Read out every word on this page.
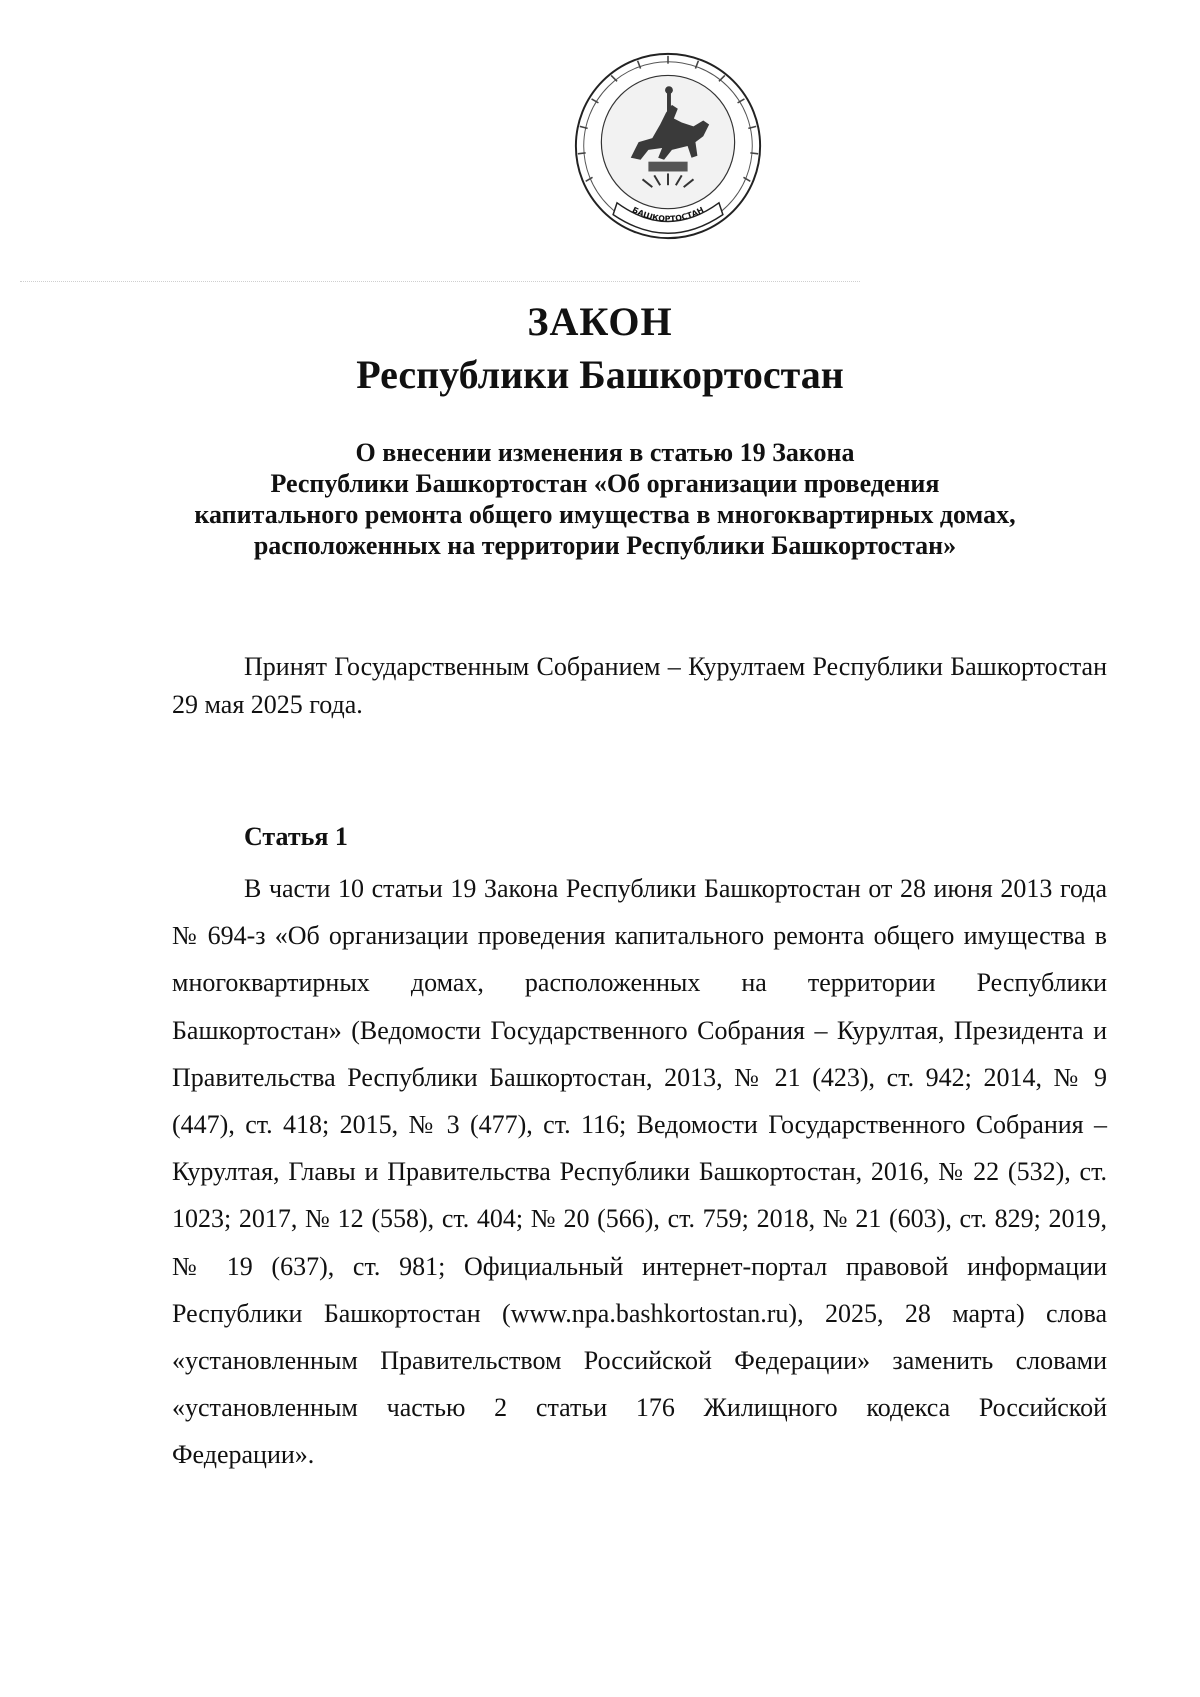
БАШКОРТОСТАН
ЗАКОН
Республики Башкортостан
О внесении изменения в статью 19 Закона
Республики Башкортостан «Об организации проведения
капитального ремонта общего имущества в многоквартирных домах,
расположенных на территории Республики Башкортостан»

Принят Государственным Собранием – Курултаем Республики Башкортостан 29 мая 2025 года.

Статья 1

В части 10 статьи 19 Закона Республики Башкортостан от 28 июня 2013 года № 694-з «Об организации проведения капитального ремонта общего имущества в многоквартирных домах, расположенных на территории Республики Башкортостан» (Ведомости Государственного Собрания – Курултая, Президента и Правительства Республики Башкортостан, 2013, № 21 (423), ст. 942; 2014, № 9 (447), ст. 418; 2015, № 3 (477), ст. 116; Ведомости Государственного Собрания – Курултая, Главы и Правительства Республики Башкортостан, 2016, № 22 (532), ст. 1023; 2017, № 12 (558), ст. 404; № 20 (566), ст. 759; 2018, № 21 (603), ст. 829; 2019, № 19 (637), ст. 981; Официальный интернет-портал правовой информации Республики Башкортостан (www.npa.bashkortostan.ru), 2025, 28 марта) слова «установленным Правительством Российской Федерации» заменить словами «установленным частью 2 статьи 176 Жилищного кодекса Российской Федерации».
